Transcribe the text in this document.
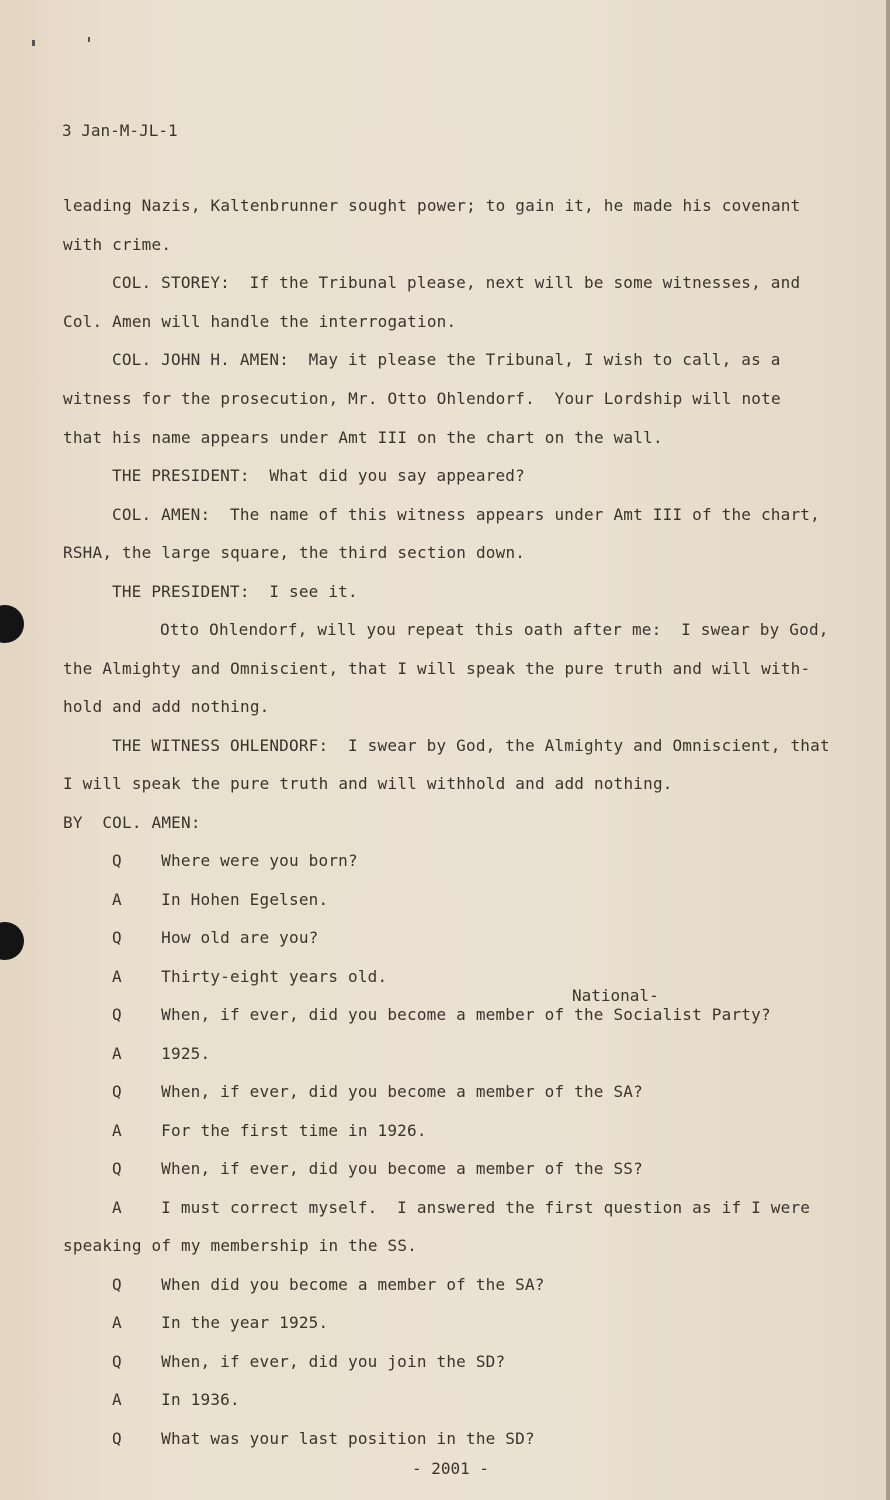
3 Jan-M-JL-1
leading Nazis, Kaltenbrunner sought power; to gain it, he made his covenant
with crime.
COL. STOREY:  If the Tribunal please, next will be some witnesses, and
Col. Amen will handle the interrogation.
COL. JOHN H. AMEN:  May it please the Tribunal, I wish to call, as a
witness for the prosecution, Mr. Otto Ohlendorf.  Your Lordship will note
that his name appears under Amt III on the chart on the wall.
THE PRESIDENT:  What did you say appeared?
COL. AMEN:  The name of this witness appears under Amt III of the chart,
RSHA, the large square, the third section down.
THE PRESIDENT:  I see it.
Otto Ohlendorf, will you repeat this oath after me:  I swear by God,
the Almighty and Omniscient, that I will speak the pure truth and will with-
hold and add nothing.
THE WITNESS OHLENDORF:  I swear by God, the Almighty and Omniscient, that
I will speak the pure truth and will withhold and add nothing.
BY  COL. AMEN:
Q    Where were you born?
A    In Hohen Egelsen.
Q    How old are you?
A    Thirty-eight years old.
National-
Q    When, if ever, did you become a member of the Socialist Party?
A    1925.
Q    When, if ever, did you become a member of the SA?
A    For the first time in 1926.
Q    When, if ever, did you become a member of the SS?
A    I must correct myself.  I answered the first question as if I were
speaking of my membership in the SS.
Q    When did you become a member of the SA?
A    In the year 1925.
Q    When, if ever, did you join the SD?
A    In 1936.
Q    What was your last position in the SD?
- 2001 -
